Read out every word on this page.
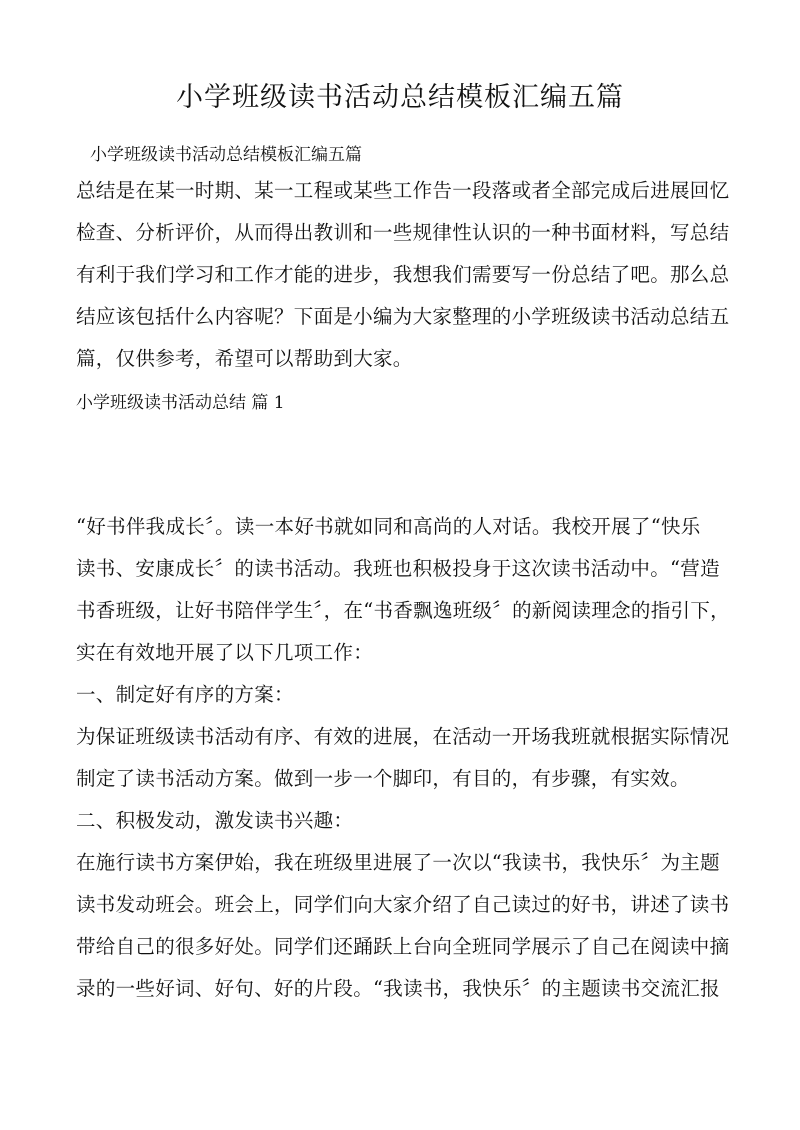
小学班级读书活动总结模板汇编五篇
小学班级读书活动总结模板汇编五篇
总结是在某一时期、某一工程或某些工作告一段落或者全部完成后进展回忆
检查、分析评价，从而得出教训和一些规律性认识的一种书面材料，写总结
有利于我们学习和工作才能的进步，我想我们需要写一份总结了吧。那么总
结应该包括什么内容呢？下面是小编为大家整理的小学班级读书活动总结五
篇，仅供参考，希望可以帮助到大家。
小学班级读书活动总结 篇 1
“好书伴我成长〞。读一本好书就如同和高尚的人对话。我校开展了“快乐
读书、安康成长〞的读书活动。我班也积极投身于这次读书活动中。“营造
书香班级，让好书陪伴学生〞，在“书香飘逸班级〞的新阅读理念的指引下，
实在有效地开展了以下几项工作：
一、制定好有序的方案：
为保证班级读书活动有序、有效的进展，在活动一开场我班就根据实际情况
制定了读书活动方案。做到一步一个脚印，有目的，有步骤，有实效。
二、积极发动，激发读书兴趣：
在施行读书方案伊始，我在班级里进展了一次以“我读书，我快乐〞为主题
读书发动班会。班会上，同学们向大家介绍了自己读过的好书，讲述了读书
带给自己的很多好处。同学们还踊跃上台向全班同学展示了自己在阅读中摘
录的一些好词、好句、好的片段。“我读书，我快乐〞的主题读书交流汇报
